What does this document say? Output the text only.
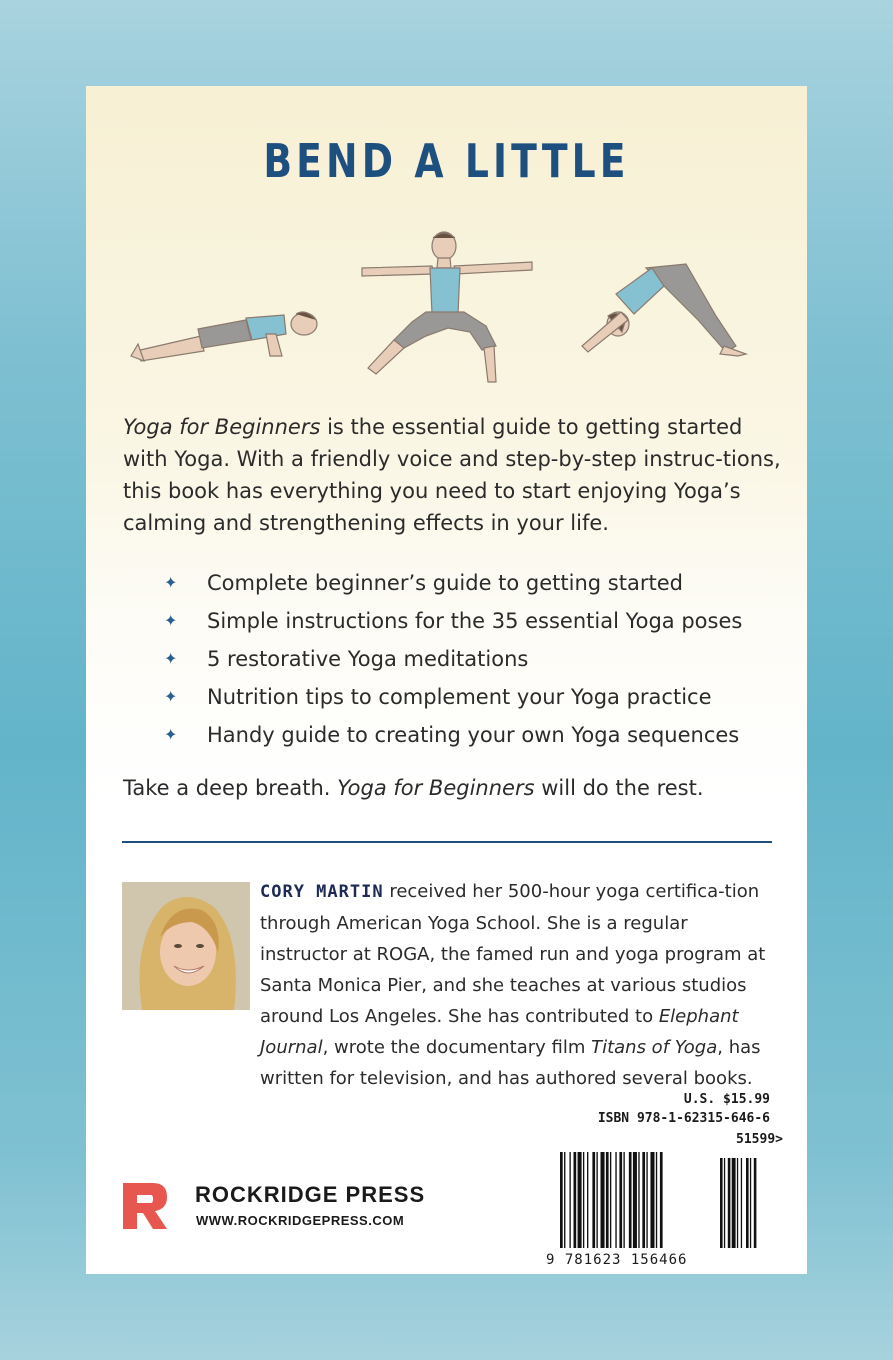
BEND A LITTLE
Yoga for Beginners is the essential guide to getting started with Yoga. With a friendly voice and step-by-step instruc-tions, this book has everything you need to start enjoying Yoga’s calming and strengthening effects in your life.
✦ Complete beginner’s guide to getting started
✦ Simple instructions for the 35 essential Yoga poses
✦ 5 restorative Yoga meditations
✦ Nutrition tips to complement your Yoga practice
✦ Handy guide to creating your own Yoga sequences
Take a deep breath. Yoga for Beginners will do the rest.
CORY MARTIN received her 500-hour yoga certifica-tion through American Yoga School. She is a regular instructor at ROGA, the famed run and yoga program at Santa Monica Pier, and she teaches at various studios around Los Angeles. She has contributed to Elephant Journal, wrote the documentary film Titans of Yoga, has written for television, and has authored several books.
ROCKRIDGE PRESS
WWW.ROCKRIDGEPRESS.COM
U.S. $15.99
ISBN 978-1-62315-646-6
51599>
9 781623 156466
